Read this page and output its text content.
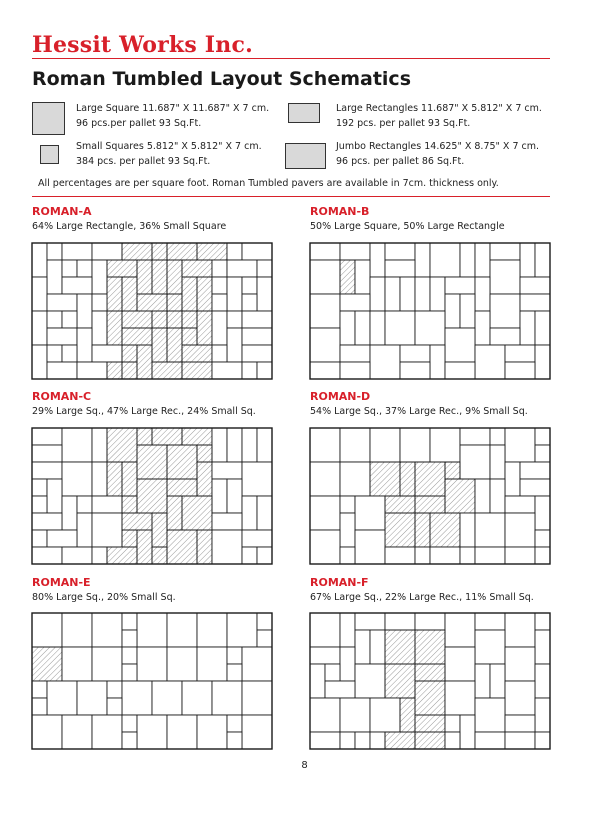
Hessit Works Inc.
Roman Tumbled Layout Schematics
Large Square 11.687" X 11.687" X 7 cm.
96 pcs.per pallet 93 Sq.Ft.
Large Rectangles 11.687" X 5.812" X 7 cm.
192 pcs. per pallet 93 Sq.Ft.
Small Squares 5.812" X 5.812" X 7 cm.
384 pcs. per pallet 93 Sq.Ft.
Jumbo Rectangles 14.625" X 8.75" X 7 cm.
96 pcs. per pallet 86 Sq.Ft.
All percentages are per square foot. Roman Tumbled pavers are available in 7cm. thickness only.
ROMAN-A
64% Large Rectangle, 36% Small Square
ROMAN-B
50% Large Square, 50% Large Rectangle
ROMAN-C
29% Large Sq., 47% Large Rec., 24% Small Sq.
ROMAN-D
54% Large Sq., 37% Large Rec., 9% Small Sq.
ROMAN-E
80% Large Sq., 20% Small Sq.
ROMAN-F
67% Large Sq., 22% Large Rec., 11% Small Sq.
8
